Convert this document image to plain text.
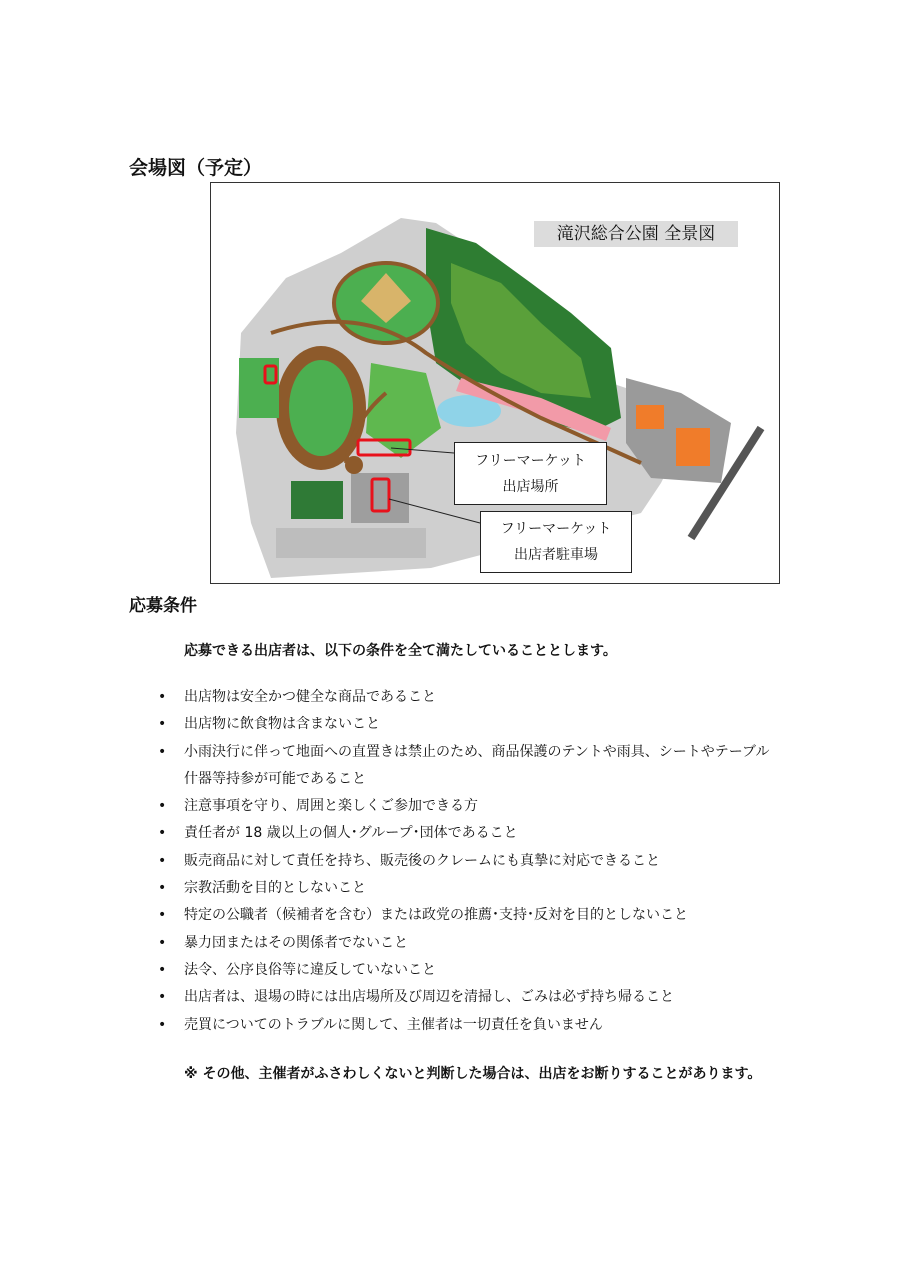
会場図（予定）
滝沢総合公園 全景図
フリーマーケット
出店場所
フリーマーケット
出店者駐車場
応募条件
応募できる出店者は、以下の条件を全て満たしていることとします。
• 出店物は安全かつ健全な商品であること
• 出店物に飲食物は含まないこと
• 小雨決行に伴って地面への直置きは禁止のため、商品保護のテントや雨具、シートやテーブル什器等持参が可能であること
• 注意事項を守り、周囲と楽しくご参加できる方
• 責任者が 18 歳以上の個人･グループ･団体であること
• 販売商品に対して責任を持ち、販売後のクレームにも真摯に対応できること
• 宗教活動を目的としないこと
• 特定の公職者（候補者を含む）または政党の推薦･支持･反対を目的としないこと
• 暴力団またはその関係者でないこと
• 法令、公序良俗等に違反していないこと
• 出店者は、退場の時には出店場所及び周辺を清掃し、ごみは必ず持ち帰ること
• 売買についてのトラブルに関して、主催者は一切責任を負いません
※ その他、主催者がふさわしくないと判断した場合は、出店をお断りすることがあります。
